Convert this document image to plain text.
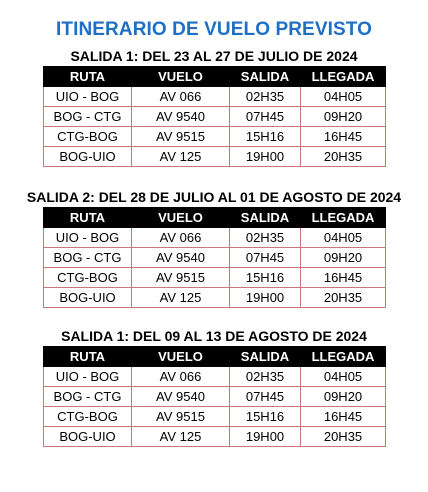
ITINERARIO DE VUELO PREVISTO
SALIDA 1: DEL 23 AL 27 DE JULIO DE 2024
RUTA	VUELO	SALIDA	LLEGADA
UIO - BOG	AV 066	02H35	04H05
BOG - CTG	AV 9540	07H45	09H20
CTG-BOG	AV 9515	15H16	16H45
BOG-UIO	AV 125	19H00	20H35
SALIDA 2: DEL 28 DE JULIO AL 01 DE AGOSTO DE 2024
RUTA	VUELO	SALIDA	LLEGADA
UIO - BOG	AV 066	02H35	04H05
BOG - CTG	AV 9540	07H45	09H20
CTG-BOG	AV 9515	15H16	16H45
BOG-UIO	AV 125	19H00	20H35
SALIDA 1: DEL 09 AL 13 DE AGOSTO DE 2024
RUTA	VUELO	SALIDA	LLEGADA
UIO - BOG	AV 066	02H35	04H05
BOG - CTG	AV 9540	07H45	09H20
CTG-BOG	AV 9515	15H16	16H45
BOG-UIO	AV 125	19H00	20H35
